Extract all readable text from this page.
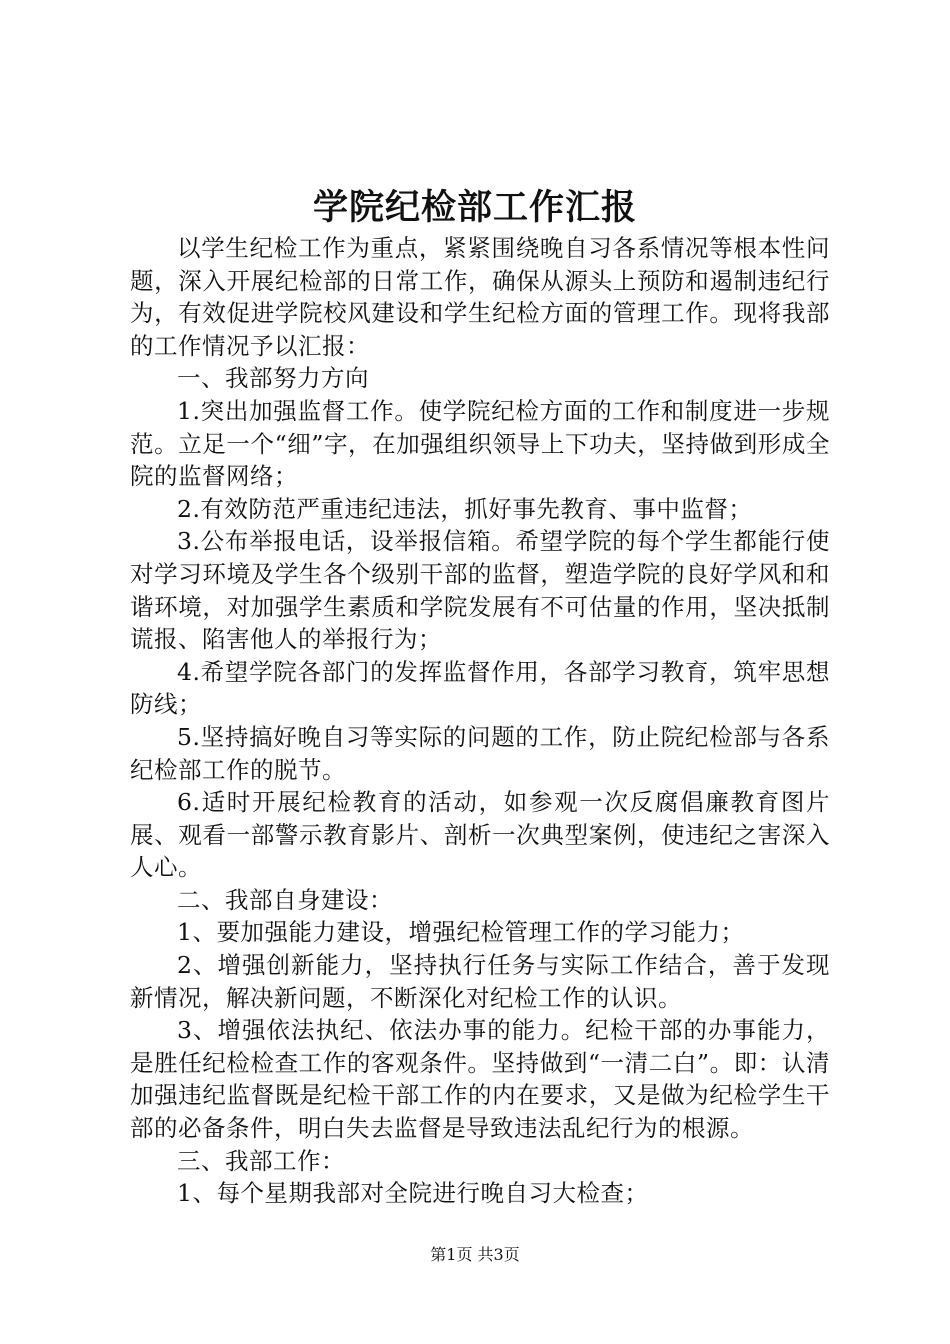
学院纪检部工作汇报

以学生纪检工作为重点，紧紧围绕晚自习各系情况等根本性问题，深入开展纪检部的日常工作，确保从源头上预防和遏制违纪行为，有效促进学院校风建设和学生纪检方面的管理工作。现将我部的工作情况予以汇报：

一、我部努力方向

1.突出加强监督工作。使学院纪检方面的工作和制度进一步规范。立足一个“细”字，在加强组织领导上下功夫，坚持做到形成全院的监督网络；

2.有效防范严重违纪违法，抓好事先教育、事中监督；

3.公布举报电话，设举报信箱。希望学院的每个学生都能行使对学习环境及学生各个级别干部的监督，塑造学院的良好学风和和谐环境，对加强学生素质和学院发展有不可估量的作用，坚决抵制谎报、陷害他人的举报行为；

4.希望学院各部门的发挥监督作用，各部学习教育，筑牢思想防线；

5.坚持搞好晚自习等实际的问题的工作，防止院纪检部与各系纪检部工作的脱节。

6.适时开展纪检教育的活动，如参观一次反腐倡廉教育图片展、观看一部警示教育影片、剖析一次典型案例，使违纪之害深入人心。

二、我部自身建设：

1、要加强能力建设，增强纪检管理工作的学习能力；

2、增强创新能力，坚持执行任务与实际工作结合，善于发现新情况，解决新问题，不断深化对纪检工作的认识。

3、增强依法执纪、依法办事的能力。纪检干部的办事能力，是胜任纪检检查工作的客观条件。坚持做到“一清二白”。即：认清加强违纪监督既是纪检干部工作的内在要求，又是做为纪检学生干部的必备条件，明白失去监督是导致违法乱纪行为的根源。

三、我部工作：

1、每个星期我部对全院进行晚自习大检查；

第1页 共3页
